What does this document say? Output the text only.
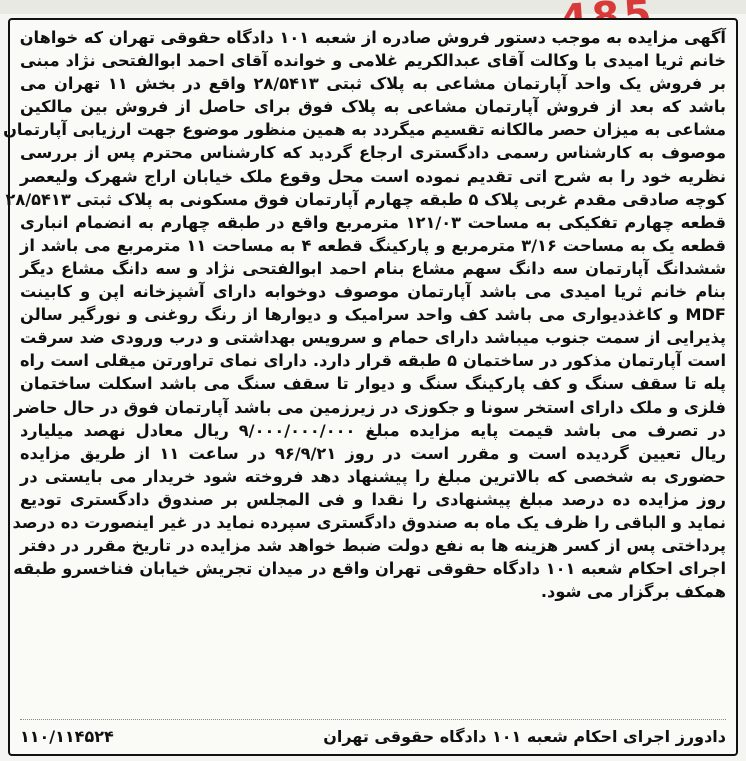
آگهی مزایده به موجب دستور فروش صادره از شعبه ۱۰۱ دادگاه حقوقی تهران که خواهان
خانم ثریا امیدی با وکالت آقای عبدالکریم غلامی و خوانده آقای احمد ابوالفتحی نژاد مبنی
بر فروش یک واحد آپارتمان مشاعی به پلاک ثبتی ۲۸/۵۴۱۳ واقع در بخش ۱۱ تهران می
باشد که بعد از فروش آپارتمان مشاعی به پلاک فوق برای حاصل از فروش بین مالکین
مشاعی به میزان حصر مالکانه تقسیم میگردد به همین منظور موضوع جهت ارزیابی آپارتمان
موصوف به کارشناس رسمی دادگستری ارجاع گردید که کارشناس محترم پس از بررسی
نظریه خود را به شرح اتی تقدیم نموده است محل وقوع ملک خیابان اراج شهرک ولیعصر
کوچه صادقی مقدم غربی پلاک ۵ طبقه چهارم آپارتمان فوق مسکونی به پلاک ثبتی ۲۸/۵۴۱۳
قطعه چهارم تفکیکی به مساحت ۱۲۱/۰۳ مترمربع واقع در طبقه چهارم به انضمام انباری
قطعه یک به مساحت ۳/۱۶ مترمربع و پارکینگ قطعه ۴ به مساحت ۱۱ مترمربع می باشد از
ششدانگ آپارتمان سه دانگ سهم مشاع بنام احمد ابوالفتحی نژاد و سه دانگ مشاع دیگر
بنام خانم ثریا امیدی می باشد آپارتمان موصوف دوخوابه دارای آشپزخانه اپن و کابینت
MDF و کاغذدیواری می باشد کف واحد سرامیک و دیوارها از رنگ روغنی و نورگیر سالن
پذیرایی از سمت جنوب میباشد دارای حمام و سرویس بهداشتی و درب ورودی ضد سرقت
است آپارتمان مذکور در ساختمان ۵ طبقه قرار دارد. دارای نمای تراورتن میقلی است راه
پله تا سقف سنگ و کف پارکینگ سنگ و دیوار تا سقف سنگ می باشد اسکلت ساختمان
فلزی و ملک دارای استخر سونا و جکوزی در زیرزمین می باشد آپارتمان فوق در حال حاضر
در تصرف می باشد قیمت پایه مزایده مبلغ ۹/۰۰۰/۰۰۰/۰۰۰ ریال معادل نهصد میلیارد
ریال تعیین گردیده است و مقرر است در روز ۹۶/۹/۲۱ در ساعت ۱۱ از طریق مزایده
حضوری به شخصی که بالاترین مبلغ را پیشنهاد دهد فروخته شود خریدار می بایستی در
روز مزایده ده درصد مبلغ پیشنهادی را نقدا و فی المجلس بر صندوق دادگستری تودیع
نماید و الباقی را ظرف یک ماه به صندوق دادگستری سپرده نماید در غیر اینصورت ده درصد
پرداختی پس از کسر هزینه ها به نفع دولت ضبط خواهد شد مزایده در تاریخ مقرر در دفتر
اجرای احکام شعبه ۱۰۱ دادگاه حقوقی تهران واقع در میدان تجریش خیابان فناخسرو طبقه
همکف برگزار می شود.
دادورز اجرای احکام شعبه ۱۰۱ دادگاه حقوقی تهران
۱۱۰/۱۱۴۵۲۴
